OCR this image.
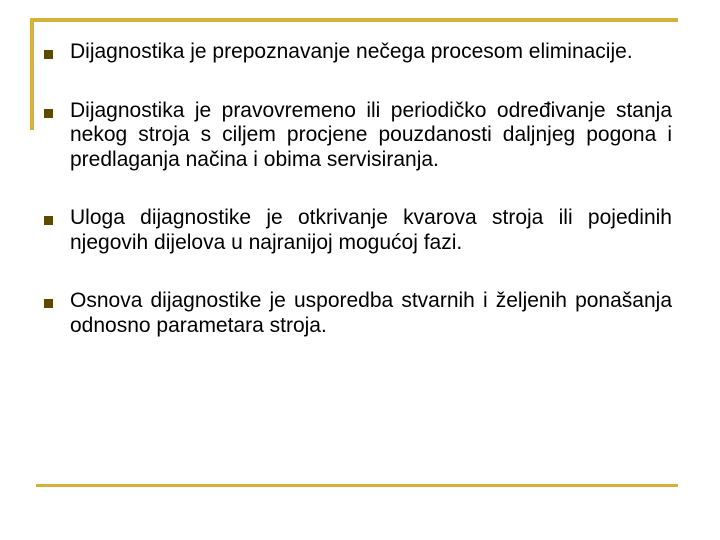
Dijagnostika je prepoznavanje nečega procesom eliminacije.
Dijagnostika je pravovremeno ili periodičko određivanje stanja nekog stroja s ciljem procjene pouzdanosti daljnjeg pogona i predlaganja načina i obima servisiranja.
Uloga dijagnostike je otkrivanje kvarova stroja ili pojedinih njegovih dijelova u najranijoj mogućoj fazi.
Osnova dijagnostike je usporedba stvarnih i željenih ponašanja odnosno parametara stroja.
